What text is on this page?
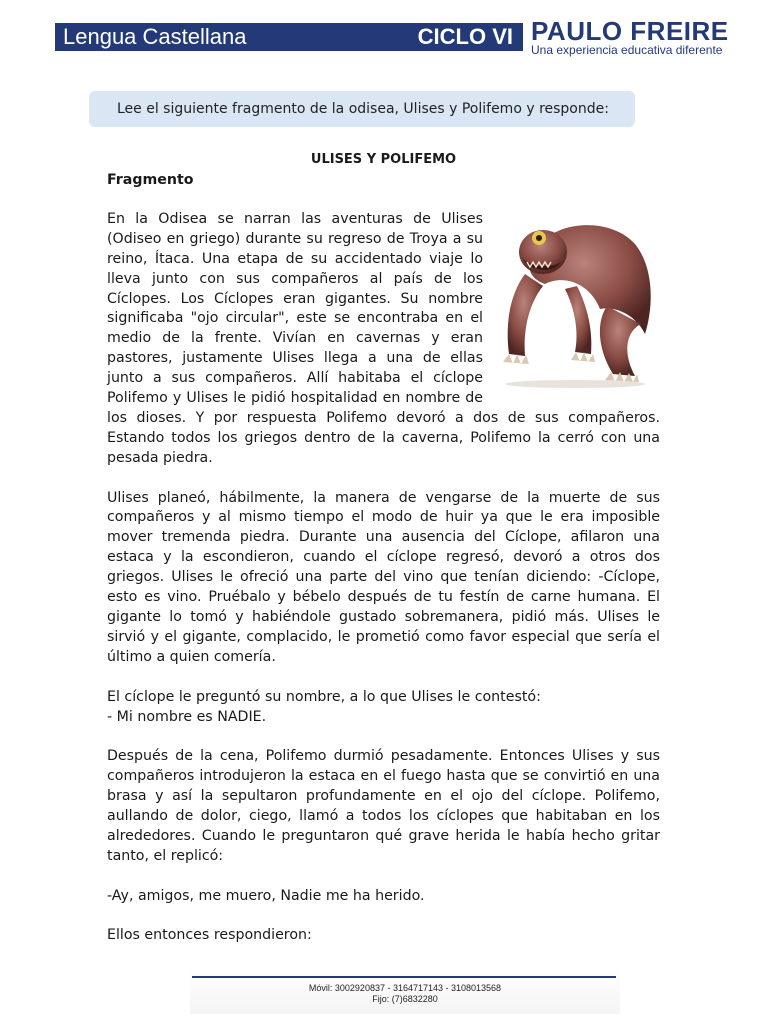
Lengua Castellana	CICLO VI PAULO FREIRE
Una experiencia educativa diferente
Lee el siguiente fragmento de la odisea, Ulises y Polifemo y responde:
ULISES Y POLIFEMO
Fragmento

En la Odisea se narran las aventuras de Ulises (Odiseo en griego) durante su regreso de Troya a su reino, Ítaca. Una etapa de su accidentado viaje lo lleva junto con sus compañeros al país de los Cíclopes. Los Cíclopes eran gigantes. Su nombre significaba "ojo circular", este se encontraba en el medio de la frente. Vivían en cavernas y eran pastores, justamente Ulises llega a una de ellas junto a sus compañeros. Allí habitaba el cíclope Polifemo y Ulises le pidió hospitalidad en nombre de los dioses. Y por respuesta Polifemo devoró a dos de sus compañeros. Estando todos los griegos dentro de la caverna, Polifemo la cerró con una pesada piedra.

Ulises planeó, hábilmente, la manera de vengarse de la muerte de sus compañeros y al mismo tiempo el modo de huir ya que le era imposible mover tremenda piedra. Durante una ausencia del Cíclope, afilaron una estaca y la escondieron, cuando el cíclope regresó, devoró a otros dos griegos. Ulises le ofreció una parte del vino que tenían diciendo: -Cíclope, esto es vino. Pruébalo y bébelo después de tu festín de carne humana. El gigante lo tomó y habiéndole gustado sobremanera, pidió más. Ulises le sirvió y el gigante, complacido, le prometió como favor especial que sería el último a quien comería.

El cíclope le preguntó su nombre, a lo que Ulises le contestó:

- Mi nombre es NADIE.

Después de la cena, Polifemo durmió pesadamente. Entonces Ulises y sus compañeros introdujeron la estaca en el fuego hasta que se convirtió en una brasa y así la sepultaron profundamente en el ojo del cíclope. Polifemo, aullando de dolor, ciego, llamó a todos los cíclopes que habitaban en los alrededores. Cuando le preguntaron qué grave herida le había hecho gritar tanto, el replicó:

-Ay, amigos, me muero, Nadie me ha herido.

Ellos entonces respondieron:

Móvil: 3002920837 - 3164717143 - 3108013568
Fijo: (7)6832280
